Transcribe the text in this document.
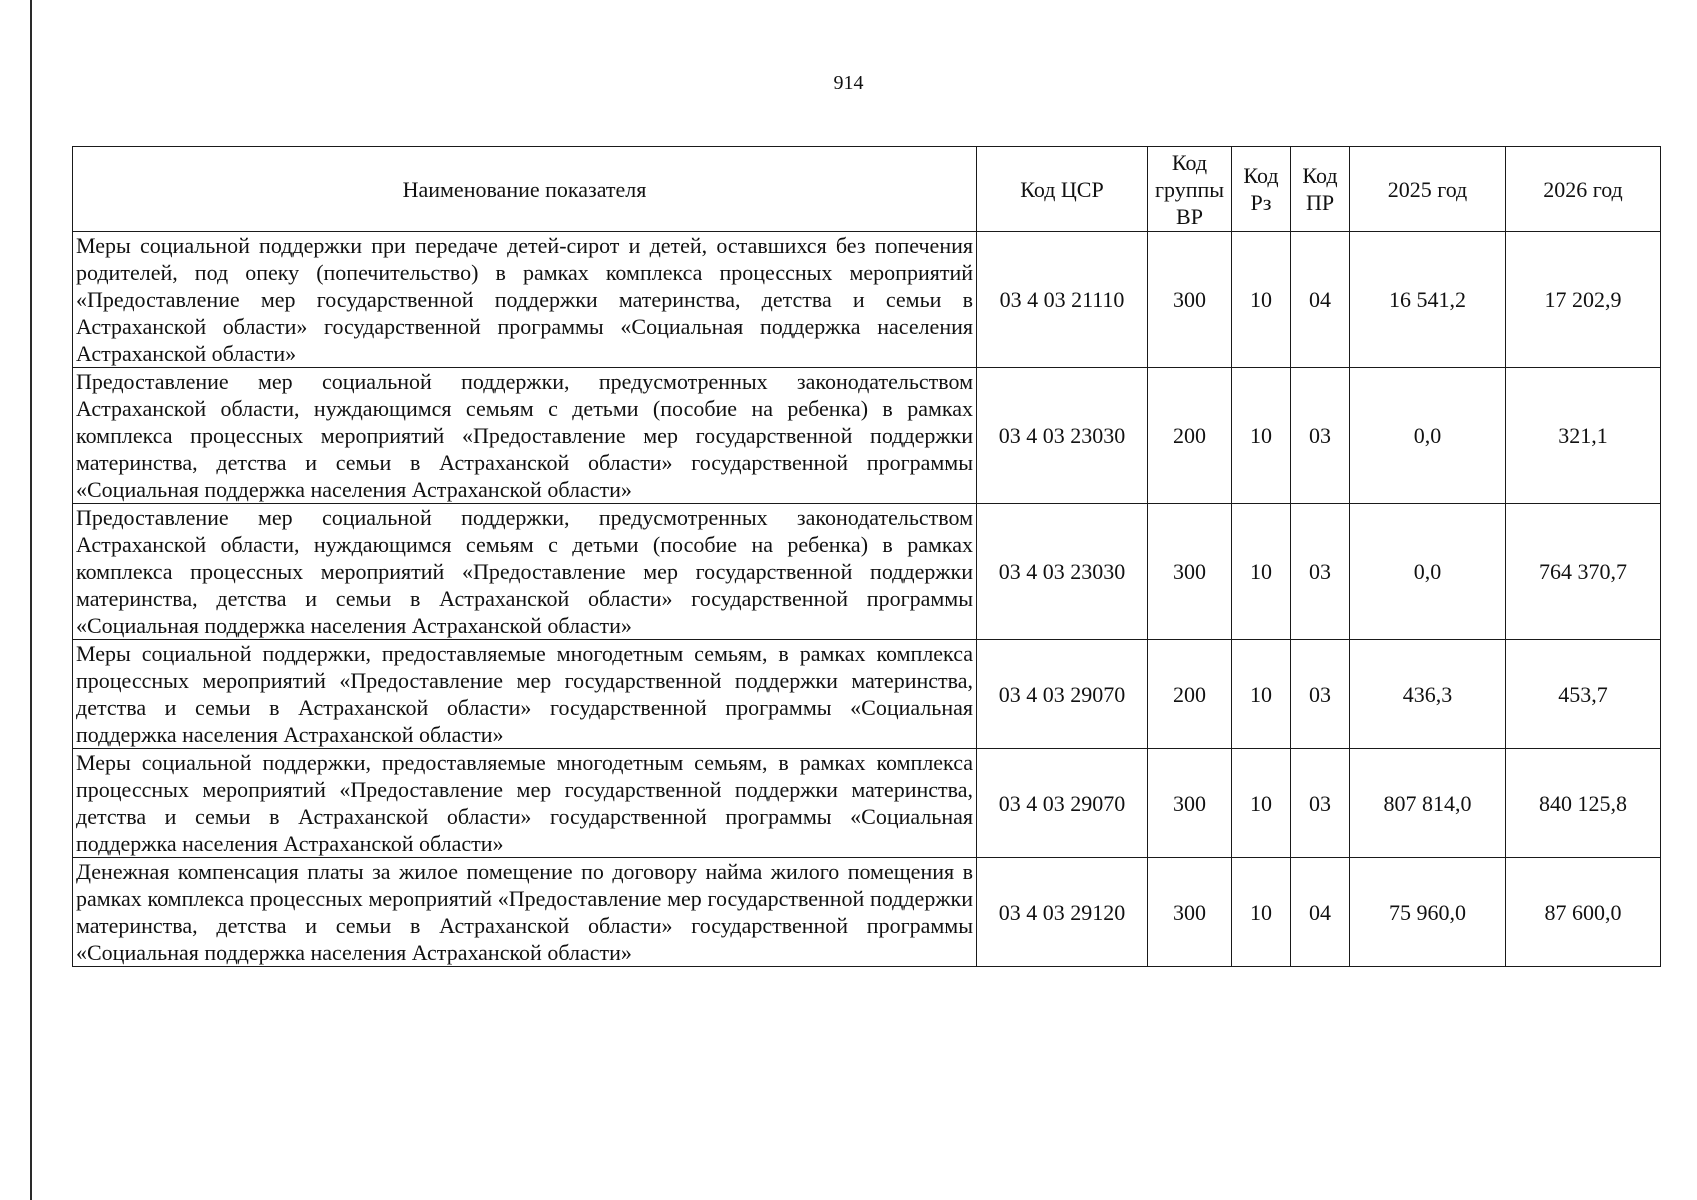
914
Наименование показателя	Код ЦСР	Код группы ВР	Код Рз	Код ПР	2025 год	2026 год
Меры социальной поддержки при передаче детей-сирот и детей, оставшихся без попечения родителей, под опеку (попечительство) в рамках комплекса процессных мероприятий «Предоставление мер государственной поддержки материнства, детства и семьи в Астраханской области» государственной программы «Социальная поддержка населения Астраханской области»	03 4 03 21110	300	10	04	16 541,2	17 202,9
Предоставление мер социальной поддержки, предусмотренных законодательством Астраханской области, нуждающимся семьям с детьми (пособие на ребенка) в рамках комплекса процессных мероприятий «Предоставление мер государственной поддержки материнства, детства и семьи в Астраханской области» государственной программы «Социальная поддержка населения Астраханской области»	03 4 03 23030	200	10	03	0,0	321,1
Предоставление мер социальной поддержки, предусмотренных законодательством Астраханской области, нуждающимся семьям с детьми (пособие на ребенка) в рамках комплекса процессных мероприятий «Предоставление мер государственной поддержки материнства, детства и семьи в Астраханской области» государственной программы «Социальная поддержка населения Астраханской области»	03 4 03 23030	300	10	03	0,0	764 370,7
Меры социальной поддержки, предоставляемые многодетным семьям, в рамках комплекса процессных мероприятий «Предоставление мер государственной поддержки материнства, детства и семьи в Астраханской области» государственной программы «Социальная поддержка населения Астраханской области»	03 4 03 29070	200	10	03	436,3	453,7
Меры социальной поддержки, предоставляемые многодетным семьям, в рамках комплекса процессных мероприятий «Предоставление мер государственной поддержки материнства, детства и семьи в Астраханской области» государственной программы «Социальная поддержка населения Астраханской области»	03 4 03 29070	300	10	03	807 814,0	840 125,8
Денежная компенсация платы за жилое помещение по договору найма жилого помещения в рамках комплекса процессных мероприятий «Предоставление мер государственной поддержки материнства, детства и семьи в Астраханской области» государственной программы «Социальная поддержка населения Астраханской области»	03 4 03 29120	300	10	04	75 960,0	87 600,0
